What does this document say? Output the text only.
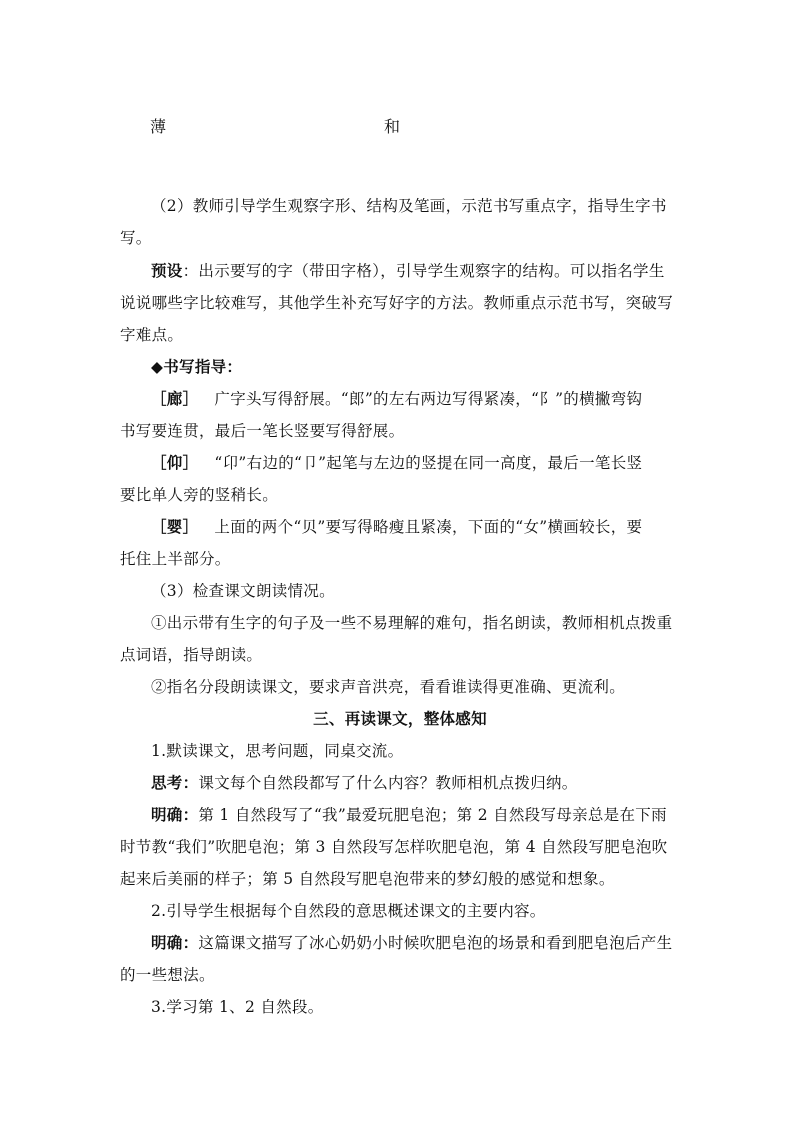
薄	和
（2）教师引导学生观察字形、结构及笔画，示范书写重点字，指导生字书
写。
预设：出示要写的字（带田字格），引导学生观察字的结构。可以指名学生
说说哪些字比较难写，其他学生补充写好字的方法。教师重点示范书写，突破写
字难点。
◆书写指导：
［廊］ 广字头写得舒展。“郎”的左右两边写得紧凑，“阝”的横撇弯钩
书写要连贯，最后一笔长竖要写得舒展。
［仰］ “卬”右边的“卩”起笔与左边的竖提在同一高度，最后一笔长竖
要比单人旁的竖稍长。
［婴］ 上面的两个“贝”要写得略瘦且紧凑，下面的“女”横画较长，要
托住上半部分。
（3）检查课文朗读情况。
①出示带有生字的句子及一些不易理解的难句，指名朗读，教师相机点拨重
点词语，指导朗读。
②指名分段朗读课文，要求声音洪亮，看看谁读得更准确、更流利。
三、再读课文，整体感知
1.默读课文，思考问题，同桌交流。
思考：课文每个自然段都写了什么内容？教师相机点拨归纳。
明确：第 1 自然段写了“我”最爱玩肥皂泡；第 2 自然段写母亲总是在下雨
时节教“我们”吹肥皂泡；第 3 自然段写怎样吹肥皂泡，第 4 自然段写肥皂泡吹
起来后美丽的样子；第 5 自然段写肥皂泡带来的梦幻般的感觉和想象。
2.引导学生根据每个自然段的意思概述课文的主要内容。
明确：这篇课文描写了冰心奶奶小时候吹肥皂泡的场景和看到肥皂泡后产生
的一些想法。
3.学习第 1、2 自然段。
